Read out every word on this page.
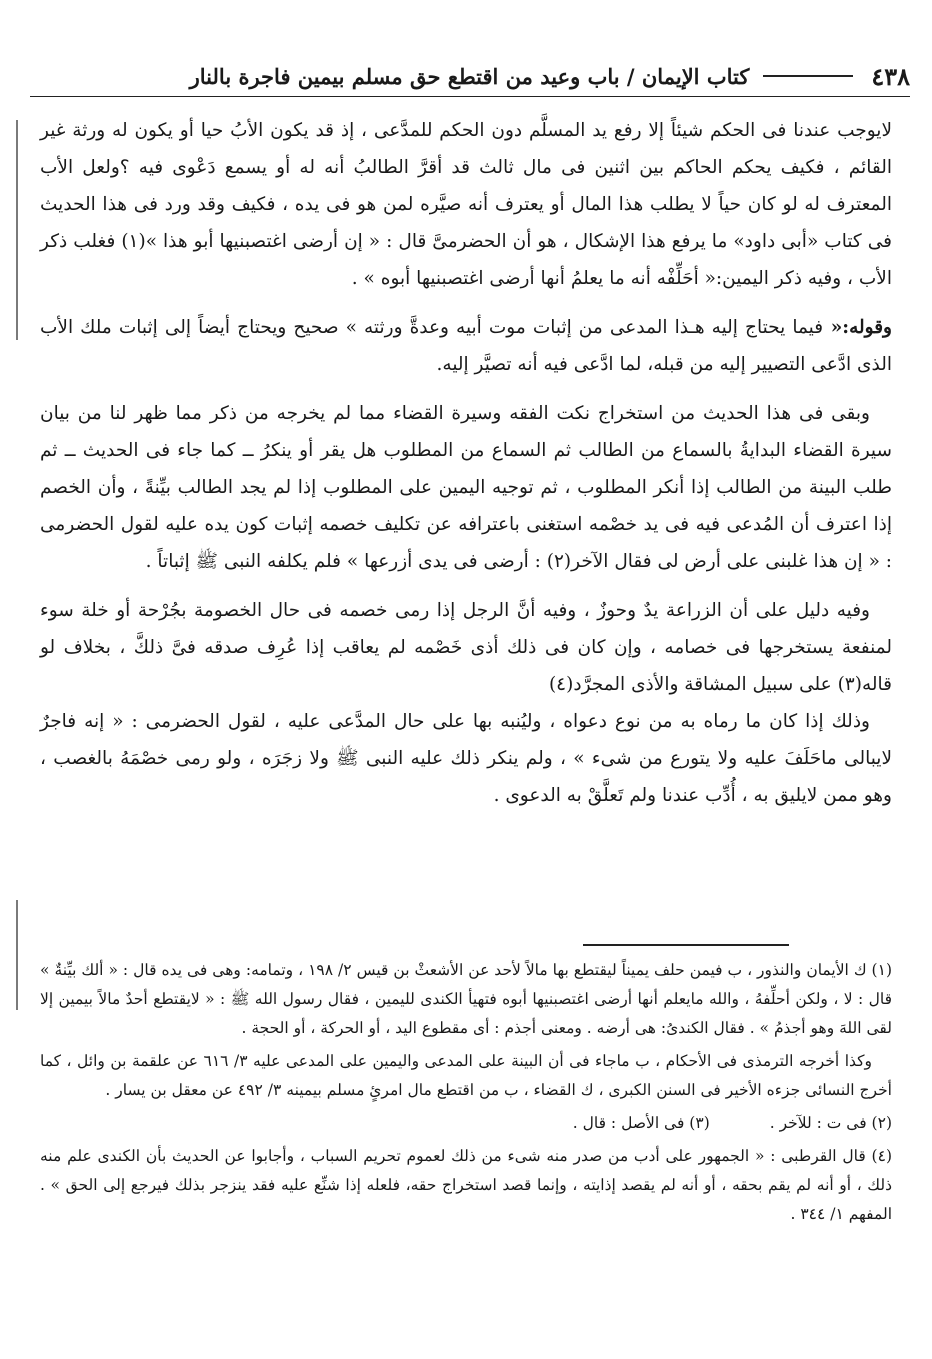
٤٣٨
كتاب الإيمان / باب وعيد من اقتطع حق مسلم بيمين فاجرة بالنار

لايوجب عندنا فى الحكم شيئاً إلا رفع يد المسلَّم دون الحكم للمدَّعى ، إذ قد يكون الأبُ حيا أو يكون له ورثة غير القائم ، فكيف يحكم الحاكم بين اثنين فى مال ثالث قد أقرَّ الطالبُ أنه له أو يسمع دَعْوى فيه ؟ولعل الأب المعترف له لو كان حياً لا يطلب هذا المال أو يعترف أنه صيَّره لمن هو فى يده ، فكيف وقد ورد فى هذا الحديث فى كتاب «أبى داود» ما يرفع هذا الإشكال ، هو أن الحضرمىَّ قال : « إن أرضى اغتصبنيها أبو هذا »(١) فغلب ذكر الأب ، وفيه ذكر اليمين:« أحَلِّفْه أنه ما يعلمُ أنها أرضى اغتصبنيها أبوه » .

وقوله:« فيما يحتاج إليه هـذا المدعى من إثبات موت أبيه وعدةَّ ورثته » صحيح ويحتاج أيضاً إلى إثبات ملك الأب الذى ادَّعى التصيير إليه من قبله، لما ادَّعى فيه أنه تصيَّر إليه.

وبقى فى هذا الحديث من استخراج نكت الفقه وسيرة القضاء مما لم يخرجه من ذكر مما ظهر لنا من بيان سيرة القضاء البدايةُ بالسماع من الطالب ثم السماع من المطلوب هل يقر أو ينكرُ ــ كما جاء فى الحديث ــ ثم طلب البينة من الطالب إذا أنكر المطلوب ، ثم توجيه اليمين على المطلوب إذا لم يجد الطالب بيِّنةً ، وأن الخصم إذا اعترف أن المُدعى فيه فى يد خصْمه استغنى باعترافه عن تكليف خصمه إثبات كون يده عليه لقول الحضرمى : « إن هذا غلبنى على أرض لى فقال الآخر(٢) : أرضى فى يدى أزرعها » فلم يكلفه النبى ﷺ إثباتاً .

وفيه دليل على أن الزراعة يدٌ وحوزٌ ، وفيه أنَّ الرجل إذا رمى خصمه فى حال الخصومة بجُرْحة أو خلة سوء لمنفعة يستخرجها فى خصامه ، وإن كان فى ذلك أذى خَصْمه لم يعاقب إذا عُرِف صدقه فىَّ ذلكَّ ، بخلاف لو قاله(٣) على سبيل المشاقة والأذى المجرَّد(٤)

وذلك إذا كان ما رماه به من نوع دعواه ، وليُنبه بها على حال المدَّعى عليه ، لقول الحضرمى : « إنه فاجرٌ لايبالى ماحَلَفَ عليه ولا يتورع من شىء » ، ولم ينكر ذلك عليه النبى ﷺ ولا زجَرَه ، ولو رمى خصْمَهُ بالغصب ، وهو ممن لايليق به ، أُدِّب عندنا ولم تَعلَّقْ به الدعوى .

(١) ك الأيمان والنذور ، ب فيمن حلف يميناً ليقتطع بها مالاً لأحد عن الأشعثْ بن قيس ٢/ ١٩٨ ، وتمامه: وهى فى يده قال : « ألك بيِّنةٌ » قال : لا ، ولكن أحلِّفهُ ، والله مايعلم أنها أرضى اغتصبنيها أبوه فتهيأ الكندى لليمين ، فقال رسول الله ﷺ : « لايقتطع أحدٌ مالاً بيمين إلا لقى اللهَ وهو أجذمُ » . فقال الكندىُ: هى أرضه . ومعنى أجذم : أى مقطوع اليد ، أو الحركة ، أو الحجة .

وكذا أخرجه الترمذى فى الأحكام ، ب ماجاء فى أن البينة على المدعى واليمين على المدعى عليه ٣/ ٦١٦ عن علقمة بن وائل ، كما أخرج النسائى جزءه الأخير فى السنن الكبرى ، ك القضاء ، ب من اقتطع مال امرئٍ مسلم بيمينه ٣/ ٤٩٢ عن معقل بن يسار .

(٢) فى ت : للآخر .
(٣) فى الأصل : قال .

(٤) قال القرطبى : « الجمهور على أدب من صدر منه شىء من ذلك لعموم تحريم السباب ، وأجابوا عن الحديث بأن الكندى علم منه ذلك ، أو أنه لم يقم بحقه ، أو أنه لم يقصد إذايته ، وإنما قصد استخراج حقه، فلعله إذا شنِّع عليه فقد ينزجر بذلك فيرجع إلى الحق » . المفهم ١/ ٣٤٤ .
